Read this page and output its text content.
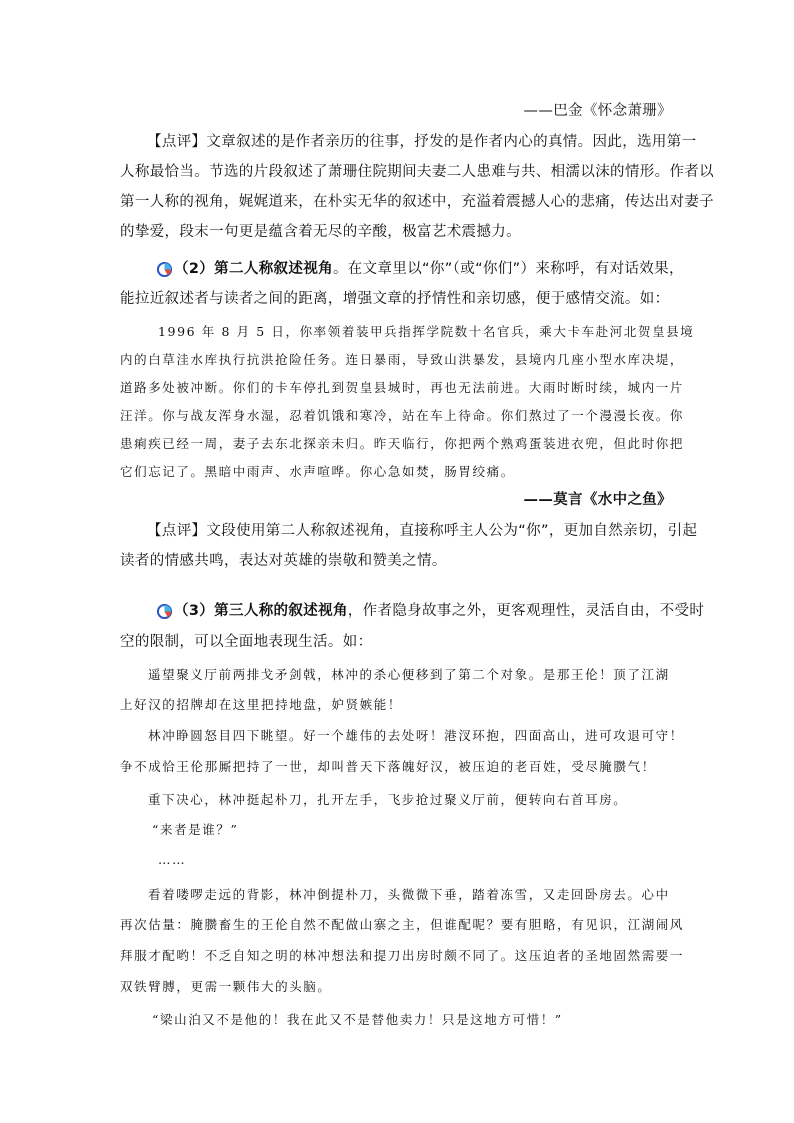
——巴金《怀念萧珊》
【点评】文章叙述的是作者亲历的往事，抒发的是作者内心的真情。因此，选用第一
人称最恰当。节选的片段叙述了萧珊住院期间夫妻二人患难与共、相濡以沫的情形。作者以
第一人称的视角，娓娓道来，在朴实无华的叙述中，充溢着震撼人心的悲痛，传达出对妻子
的挚爱，段末一句更是蕴含着无尽的辛酸，极富艺术震撼力。
（2）第二人称叙述视角。在文章里以“你”（或“你们”）来称呼，有对话效果，
能拉近叙述者与读者之间的距离，增强文章的抒情性和亲切感，便于感情交流。如：
1996 年 8 月 5 日，你率领着装甲兵指挥学院数十名官兵，乘大卡车赴河北贺皇县境
内的白草洼水库执行抗洪抢险任务。连日暴雨，导致山洪暴发，县境内几座小型水库决堤，
道路多处被冲断。你们的卡车停扎到贺皇县城时，再也无法前进。大雨时断时续，城内一片
汪洋。你与战友浑身水湿，忍着饥饿和寒冷，站在车上待命。你们熬过了一个漫漫长夜。你
患痢疾已经一周，妻子去东北探亲未归。昨天临行，你把两个熟鸡蛋装进衣兜，但此时你把
它们忘记了。黑暗中雨声、水声喧哗。你心急如焚，肠胃绞痛。
——莫言《水中之鱼》
【点评】文段使用第二人称叙述视角，直接称呼主人公为“你”，更加自然亲切，引起
读者的情感共鸣，表达对英雄的崇敬和赞美之情。
（3）第三人称的叙述视角，作者隐身故事之外，更客观理性，灵活自由，不受时
空的限制，可以全面地表现生活。如：
遥望聚义厅前两排戈矛剑戟，林冲的杀心便移到了第二个对象。是那王伦！顶了江湖
上好汉的招牌却在这里把持地盘，妒贤嫉能！
林冲睁圆怒目四下眺望。好一个雄伟的去处呀！港汊环抱，四面高山，进可攻退可守！
争不成恰王伦那厮把持了一世，却叫普天下落魄好汉，被压迫的老百姓，受尽腌臜气！
重下决心，林冲挺起朴刀，扎开左手，飞步抢过聚义厅前，便转向右首耳房。
“来者是谁？”
……
看着喽啰走远的背影，林冲倒提朴刀，头微微下垂，踏着冻雪，又走回卧房去。心中
再次估量：腌臜畜生的王伦自然不配做山寨之主，但谁配呢？要有胆略，有见识，江湖闹风
拜服才配哟！不乏自知之明的林冲想法和提刀出房时颇不同了。这压迫者的圣地固然需要一
双铁臂膊，更需一颗伟大的头脑。
“梁山泊又不是他的！我在此又不是替他卖力！只是这地方可惜！”
